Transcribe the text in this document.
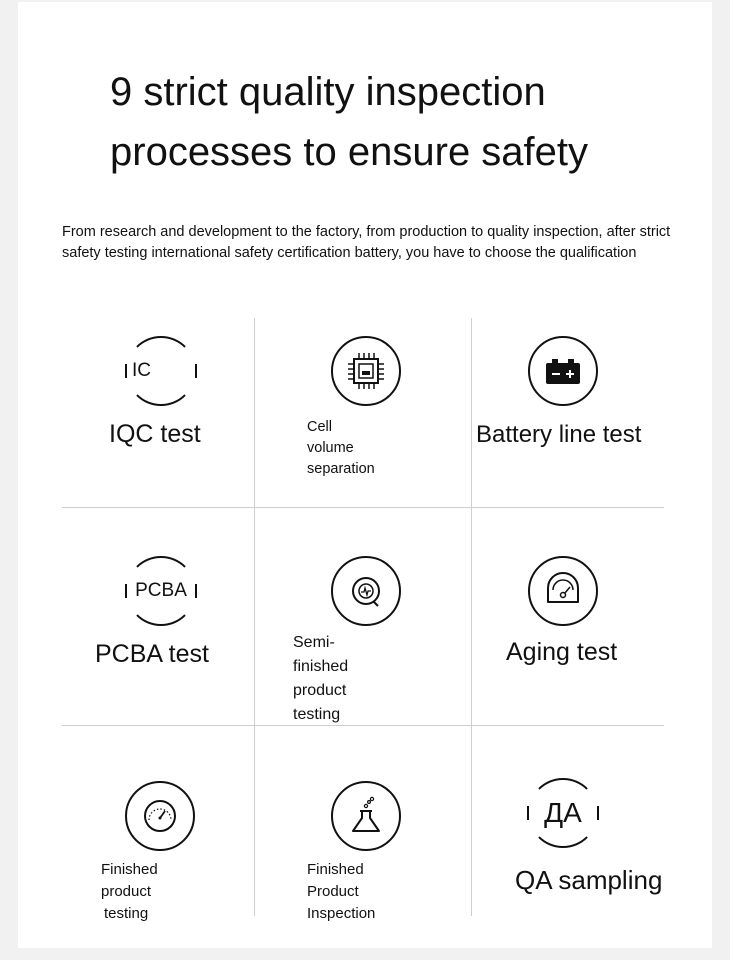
9 strict quality inspection
processes to ensure safety

From research and development to the factory, from production to quality inspection, after strict safety testing international safety certification battery, you have to choose the qualification

IC
IQC test	Cell volume
separation
Battery line test
PCBA
PCBA test	Semi-finished
product testing
Aging test
Finished product
testing
Finished Product
Inspection
ДА
QA sampling
